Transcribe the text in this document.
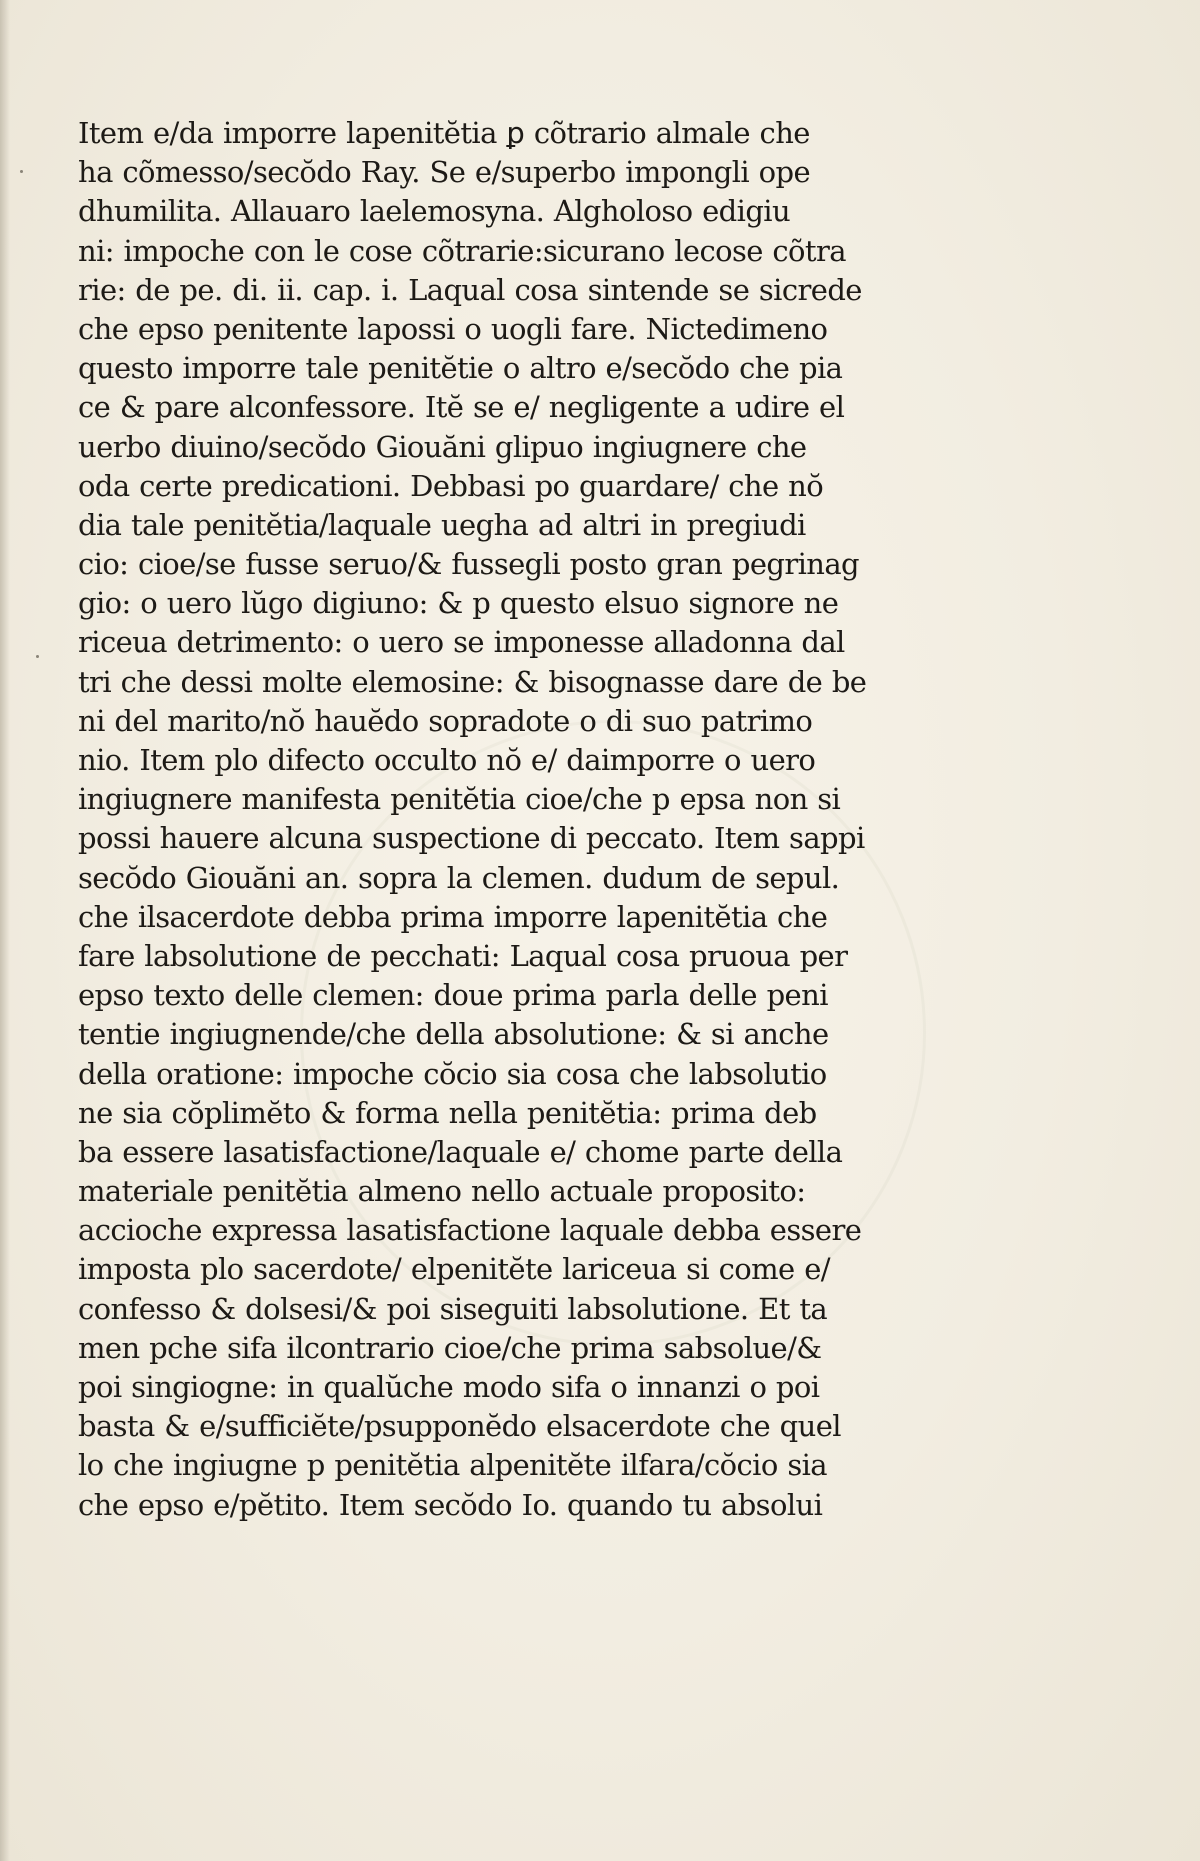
Item e/da imporre lapenitĕtia ꝑ cõtrario almale che
ha cõmesso/secŏdo Ray. Se e/superbo impongli ope
dhumilita. Allauaro laelemosyna. Algholoso edigiu
ni: impoche con le cose cõtrarie:sicurano lecose cõtra
rie: de pe. di. ii. cap. i. Laqual cosa sintende se sicrede
che epso penitente lapossi o uogli fare. Nictedimeno
questo imporre tale penitĕtie o altro e/secŏdo che pia
ce & pare alconfessore. Itĕ se e/ negligente a udire el
uerbo diuino/secŏdo Giouăni glipuo ingiugnere che
oda certe predicationi. Debbasi po guardare/ che nŏ
dia tale penitĕtia/laquale uegha ad altri in pregiudi
cio: cioe/se fusse seruo/& fussegli posto gran pegrinag
gio: o uero lŭgo digiuno: & p questo elsuo signore ne
riceua detrimento: o uero se imponesse alladonna dal
tri che dessi molte elemosine: & bisognasse dare de be
ni del marito/nŏ hauĕdo sopradote o di suo patrimo
nio. Item plo difecto occulto nŏ e/ daimporre o uero
ingiugnere manifesta penitĕtia cioe/che p epsa non si
possi hauere alcuna suspectione di peccato. Item sappi
secŏdo Giouăni an. sopra la clemen. dudum de sepul.
che ilsacerdote debba prima imporre lapenitĕtia che
fare labsolutione de pecchati: Laqual cosa pruoua per
epso texto delle clemen: doue prima parla delle peni
tentie ingiugnende/che della absolutione: & si anche
della oratione: impoche cŏcio sia cosa che labsolutio
ne sia cŏplimĕto & forma nella penitĕtia: prima deb
ba essere lasatisfactione/laquale e/ chome parte della
materiale penitĕtia almeno nello actuale proposito:
accioche expressa lasatisfactione laquale debba essere
imposta plo sacerdote/ elpenitĕte lariceua si come e/
confesso & dolsesi/& poi siseguiti labsolutione. Et ta
men pche sifa ilcontrario cioe/che prima sabsolue/&
poi singiogne: in qualŭche modo sifa o innanzi o poi
basta & e/sufficiĕte/psupponĕdo elsacerdote che quel
lo che ingiugne p penitĕtia alpenitĕte ilfara/cŏcio sia
che epso e/pĕtito. Item secŏdo Io. quando tu absolui
